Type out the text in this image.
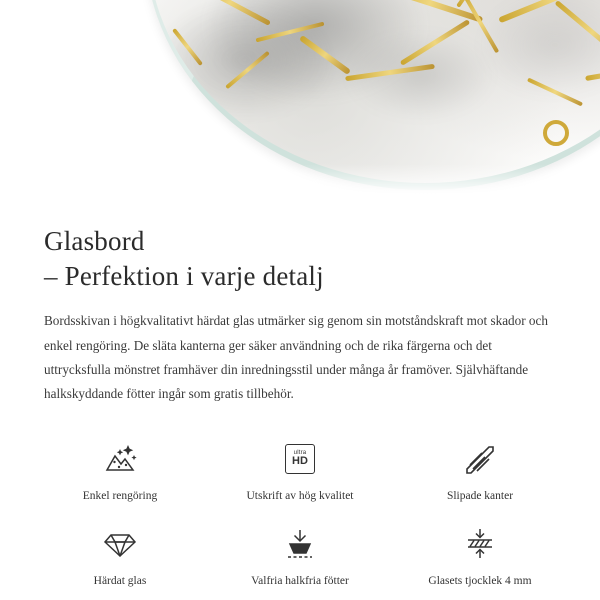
Glasbord
– Perfektion i varje detalj

Bordsskivan i högkvalitativt härdat glas utmärker sig genom sin motståndskraft mot skador och enkel rengöring. De släta kanterna ger säker användning och de rika färgerna och det uttrycksfulla mönstret framhäver din inredningsstil under många år framöver. Självhäftande halkskyddande fötter ingår som gratis tillbehör.

Enkel rengöring
ultra
HD
Utskrift av hög kvalitet	Slipade kanter
Härdat glas	Valfria halkfria fötter	Glasets tjocklek 4 mm
